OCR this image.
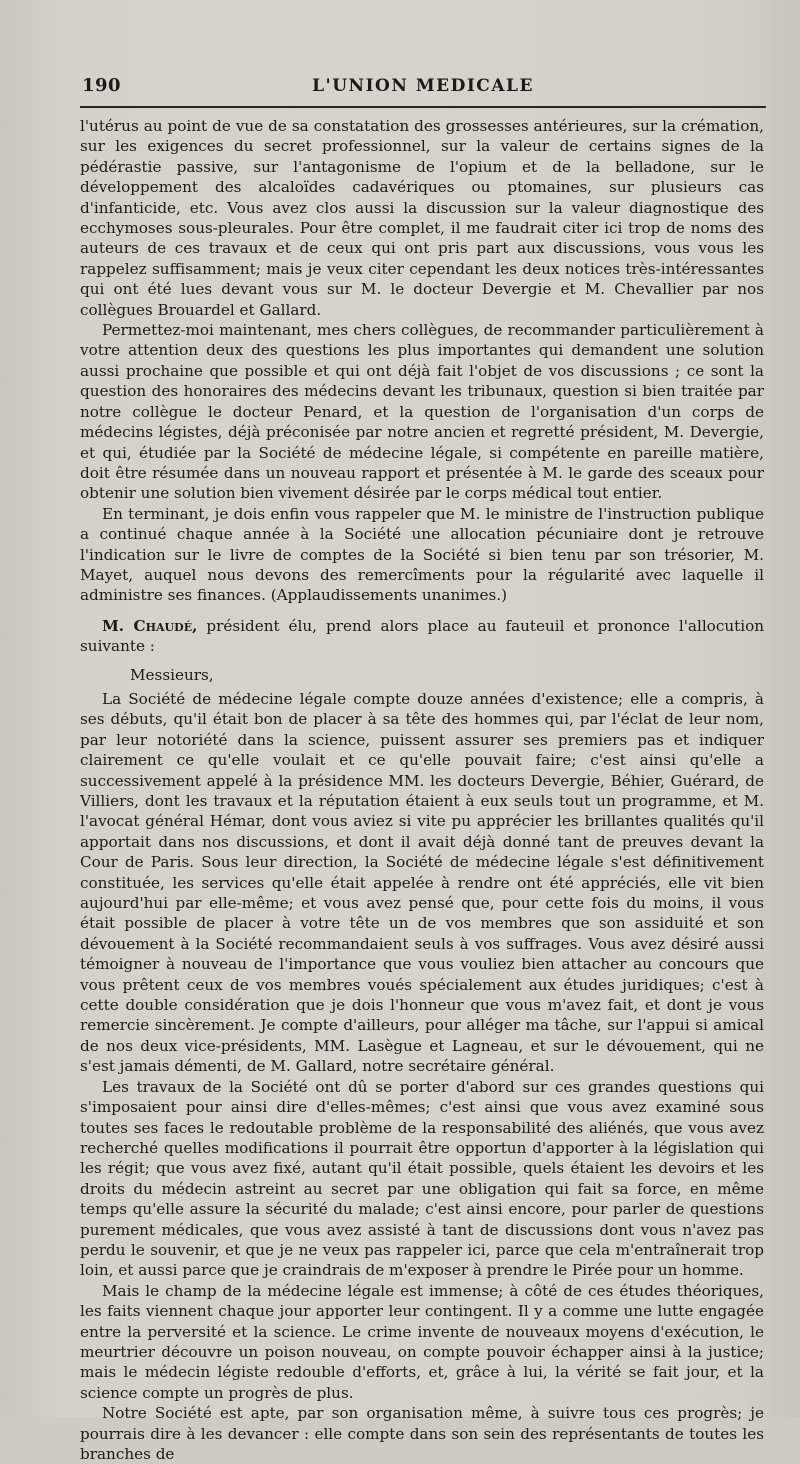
190	L'UNION MEDICALE

l'utérus au point de vue de sa constatation des grossesses antérieures, sur la crémation, sur les exigences du secret professionnel, sur la valeur de certains signes de la pédérastie passive, sur l'antagonisme de l'opium et de la belladone, sur le développement des alcaloïdes cadavériques ou ptomaines, sur plusieurs cas d'infanticide, etc. Vous avez clos aussi la discussion sur la valeur diagnostique des ecchymoses sous-pleurales. Pour être complet, il me faudrait citer ici trop de noms des auteurs de ces travaux et de ceux qui ont pris part aux discussions, vous vous les rappelez suffisamment; mais je veux citer cependant les deux notices très-intéressantes qui ont été lues devant vous sur M. le docteur Devergie et M. Chevallier par nos collègues Brouardel et Gallard.

Permettez-moi maintenant, mes chers collègues, de recommander particulièrement à votre attention deux des questions les plus importantes qui demandent une solution aussi prochaine que possible et qui ont déjà fait l'objet de vos discussions ; ce sont la question des honoraires des médecins devant les tribunaux, question si bien traitée par notre collègue le docteur Penard, et la question de l'organisation d'un corps de médecins légistes, déjà préconisée par notre ancien et regretté président, M. Devergie, et qui, étudiée par la Société de médecine légale, si compétente en pareille matière, doit être résumée dans un nouveau rapport et présentée à M. le garde des sceaux pour obtenir une solution bien vivement désirée par le corps médical tout entier.

En terminant, je dois enfin vous rappeler que M. le ministre de l'instruction publique a continué chaque année à la Société une allocation pécuniaire dont je retrouve l'indication sur le livre de comptes de la Société si bien tenu par son trésorier, M. Mayet, auquel nous devons des remercîments pour la régularité avec laquelle il administre ses finances. (Applaudissements unanimes.)

M. Chaudé, président élu, prend alors place au fauteuil et prononce l'allocution suivante :

Messieurs,

La Société de médecine légale compte douze années d'existence; elle a compris, à ses débuts, qu'il était bon de placer à sa tête des hommes qui, par l'éclat de leur nom, par leur notoriété dans la science, puissent assurer ses premiers pas et indiquer clairement ce qu'elle voulait et ce qu'elle pouvait faire; c'est ainsi qu'elle a successivement appelé à la présidence MM. les docteurs Devergie, Béhier, Guérard, de Villiers, dont les travaux et la réputation étaient à eux seuls tout un programme, et M. l'avocat général Hémar, dont vous aviez si vite pu apprécier les brillantes qualités qu'il apportait dans nos discussions, et dont il avait déjà donné tant de preuves devant la Cour de Paris. Sous leur direction, la Société de médecine légale s'est définitivement constituée, les services qu'elle était appelée à rendre ont été appréciés, elle vit bien aujourd'hui par elle-même; et vous avez pensé que, pour cette fois du moins, il vous était possible de placer à votre tête un de vos membres que son assiduité et son dévouement à la Société recommandaient seuls à vos suffrages. Vous avez désiré aussi témoigner à nouveau de l'importance que vous vouliez bien attacher au concours que vous prêtent ceux de vos membres voués spécialement aux études juridiques; c'est à cette double considération que je dois l'honneur que vous m'avez fait, et dont je vous remercie sincèrement. Je compte d'ailleurs, pour alléger ma tâche, sur l'appui si amical de nos deux vice-présidents, MM. Lasègue et Lagneau, et sur le dévouement, qui ne s'est jamais démenti, de M. Gallard, notre secrétaire général.

Les travaux de la Société ont dû se porter d'abord sur ces grandes questions qui s'imposaient pour ainsi dire d'elles-mêmes; c'est ainsi que vous avez examiné sous toutes ses faces le redoutable problème de la responsabilité des aliénés, que vous avez recherché quelles modifications il pourrait être opportun d'apporter à la législation qui les régit; que vous avez fixé, autant qu'il était possible, quels étaient les devoirs et les droits du médecin astreint au secret par une obligation qui fait sa force, en même temps qu'elle assure la sécurité du malade; c'est ainsi encore, pour parler de questions purement médicales, que vous avez assisté à tant de discussions dont vous n'avez pas perdu le souvenir, et que je ne veux pas rappeler ici, parce que cela m'entraînerait trop loin, et aussi parce que je craindrais de m'exposer à prendre le Pirée pour un homme.

Mais le champ de la médecine légale est immense; à côté de ces études théoriques, les faits viennent chaque jour apporter leur contingent. Il y a comme une lutte engagée entre la perversité et la science. Le crime invente de nouveaux moyens d'exécution, le meurtrier découvre un poison nouveau, on compte pouvoir échapper ainsi à la justice; mais le médecin légiste redouble d'efforts, et, grâce à lui, la vérité se fait jour, et la science compte un progrès de plus.

Notre Société est apte, par son organisation même, à suivre tous ces progrès; je pourrais dire à les devancer : elle compte dans son sein des représentants de toutes les branches de
